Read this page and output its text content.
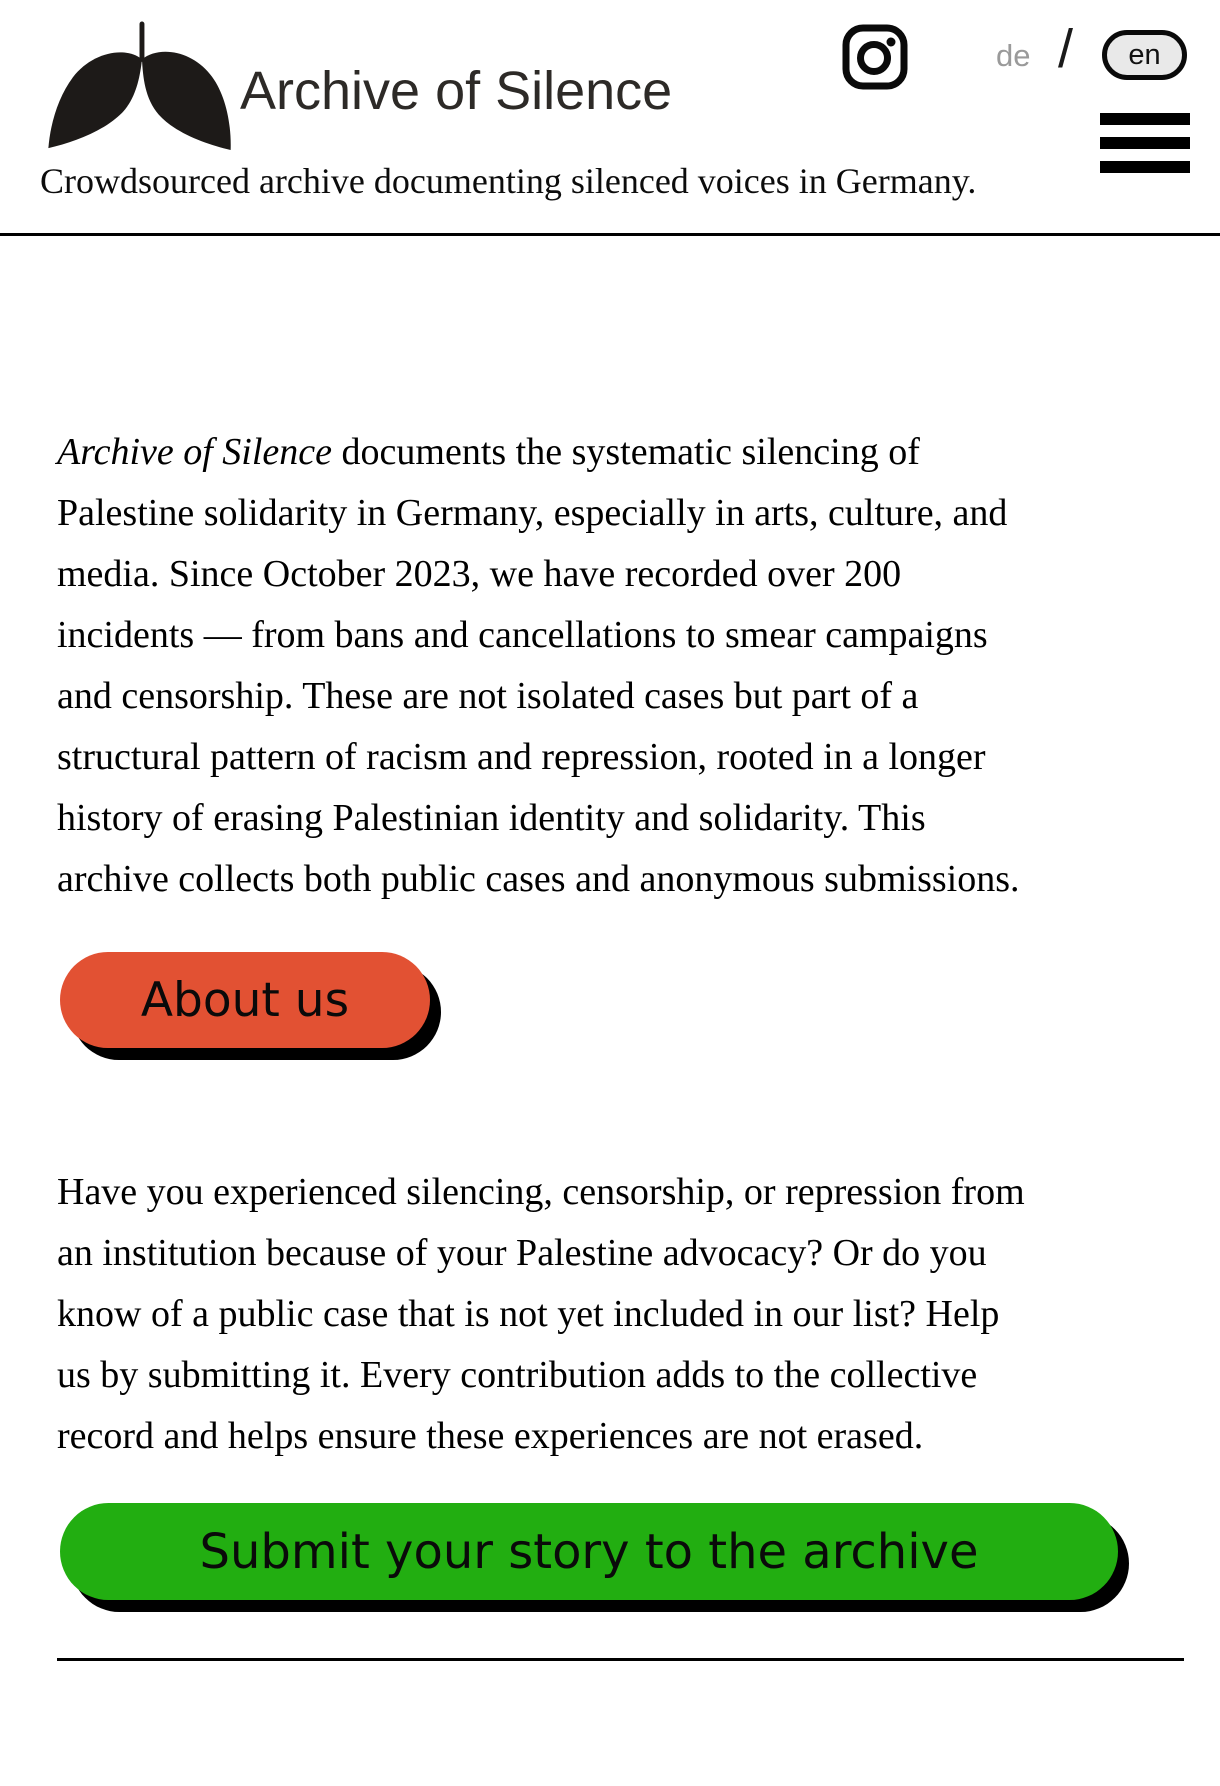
Archive of Silence
de /	en
Crowdsourced archive documenting silenced voices in Germany.

Archive of Silence documents the systematic silencing of Palestine solidarity in Germany, especially in arts, culture, and media. Since October 2023, we have recorded over 200 incidents — from bans and cancellations to smear campaigns and censorship. These are not isolated cases but part of a structural pattern of racism and repression, rooted in a longer history of erasing Palestinian identity and solidarity. This archive collects both public cases and anonymous submissions.

About us

Have you experienced silencing, censorship, or repression from an institution because of your Palestine advocacy? Or do you know of a public case that is not yet included in our list? Help us by submitting it. Every contribution adds to the collective record and helps ensure these experiences are not erased.

Submit your story to the archive
